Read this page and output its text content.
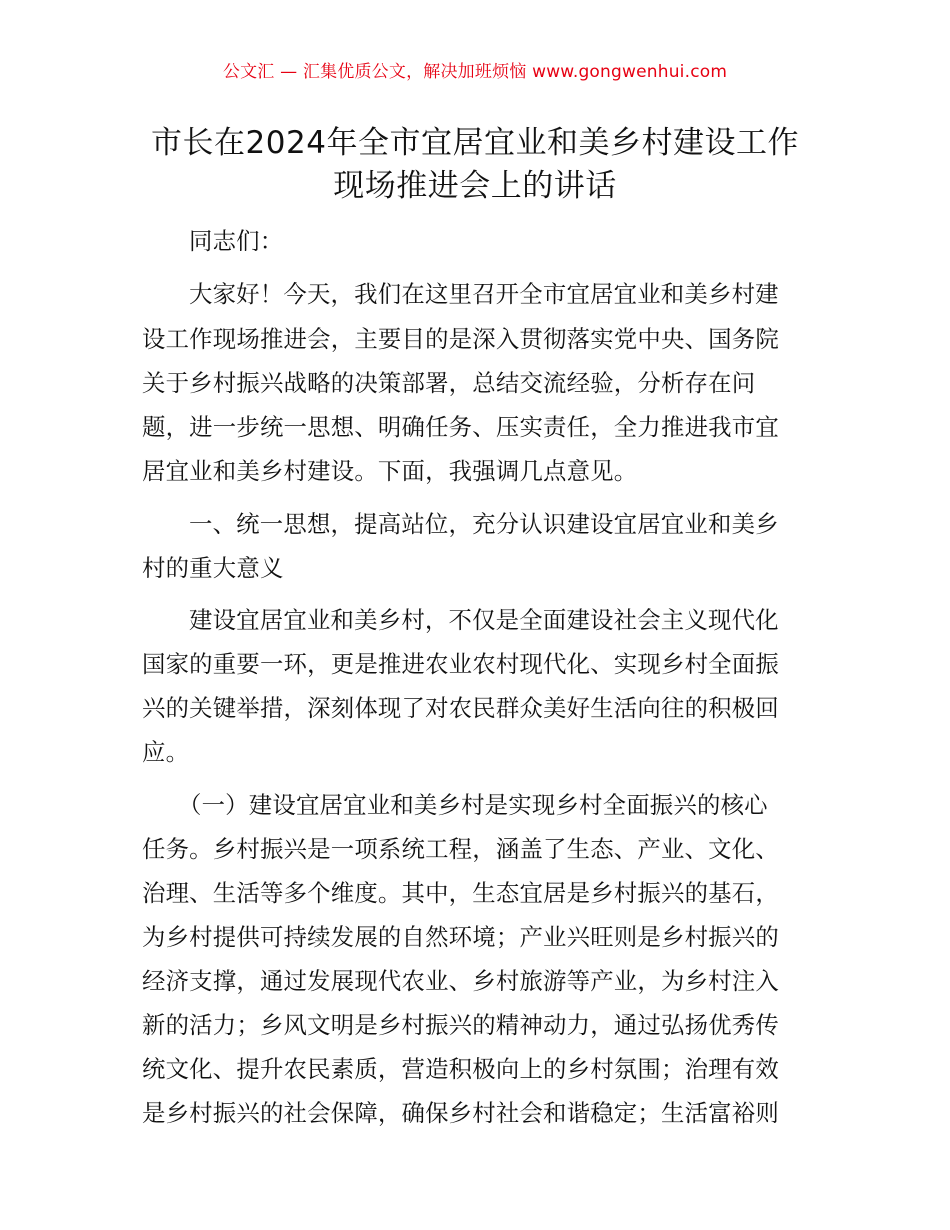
公文汇 — 汇集优质公文，解决加班烦恼 www.gongwenhui.com
市长在2024年全市宜居宜业和美乡村建设工作
现场推进会上的讲话
同志们：
大家好！今天，我们在这里召开全市宜居宜业和美乡村建
设工作现场推进会，主要目的是深入贯彻落实党中央、国务院
关于乡村振兴战略的决策部署，总结交流经验，分析存在问
题，进一步统一思想、明确任务、压实责任，全力推进我市宜
居宜业和美乡村建设。下面，我强调几点意见。
一、统一思想，提高站位，充分认识建设宜居宜业和美乡
村的重大意义
建设宜居宜业和美乡村，不仅是全面建设社会主义现代化
国家的重要一环，更是推进农业农村现代化、实现乡村全面振
兴的关键举措，深刻体现了对农民群众美好生活向往的积极回
应。
（一）建设宜居宜业和美乡村是实现乡村全面振兴的核心
任务。乡村振兴是一项系统工程，涵盖了生态、产业、文化、
治理、生活等多个维度。其中，生态宜居是乡村振兴的基石，
为乡村提供可持续发展的自然环境；产业兴旺则是乡村振兴的
经济支撑，通过发展现代农业、乡村旅游等产业，为乡村注入
新的活力；乡风文明是乡村振兴的精神动力，通过弘扬优秀传
统文化、提升农民素质，营造积极向上的乡村氛围；治理有效
是乡村振兴的社会保障，确保乡村社会和谐稳定；生活富裕则
